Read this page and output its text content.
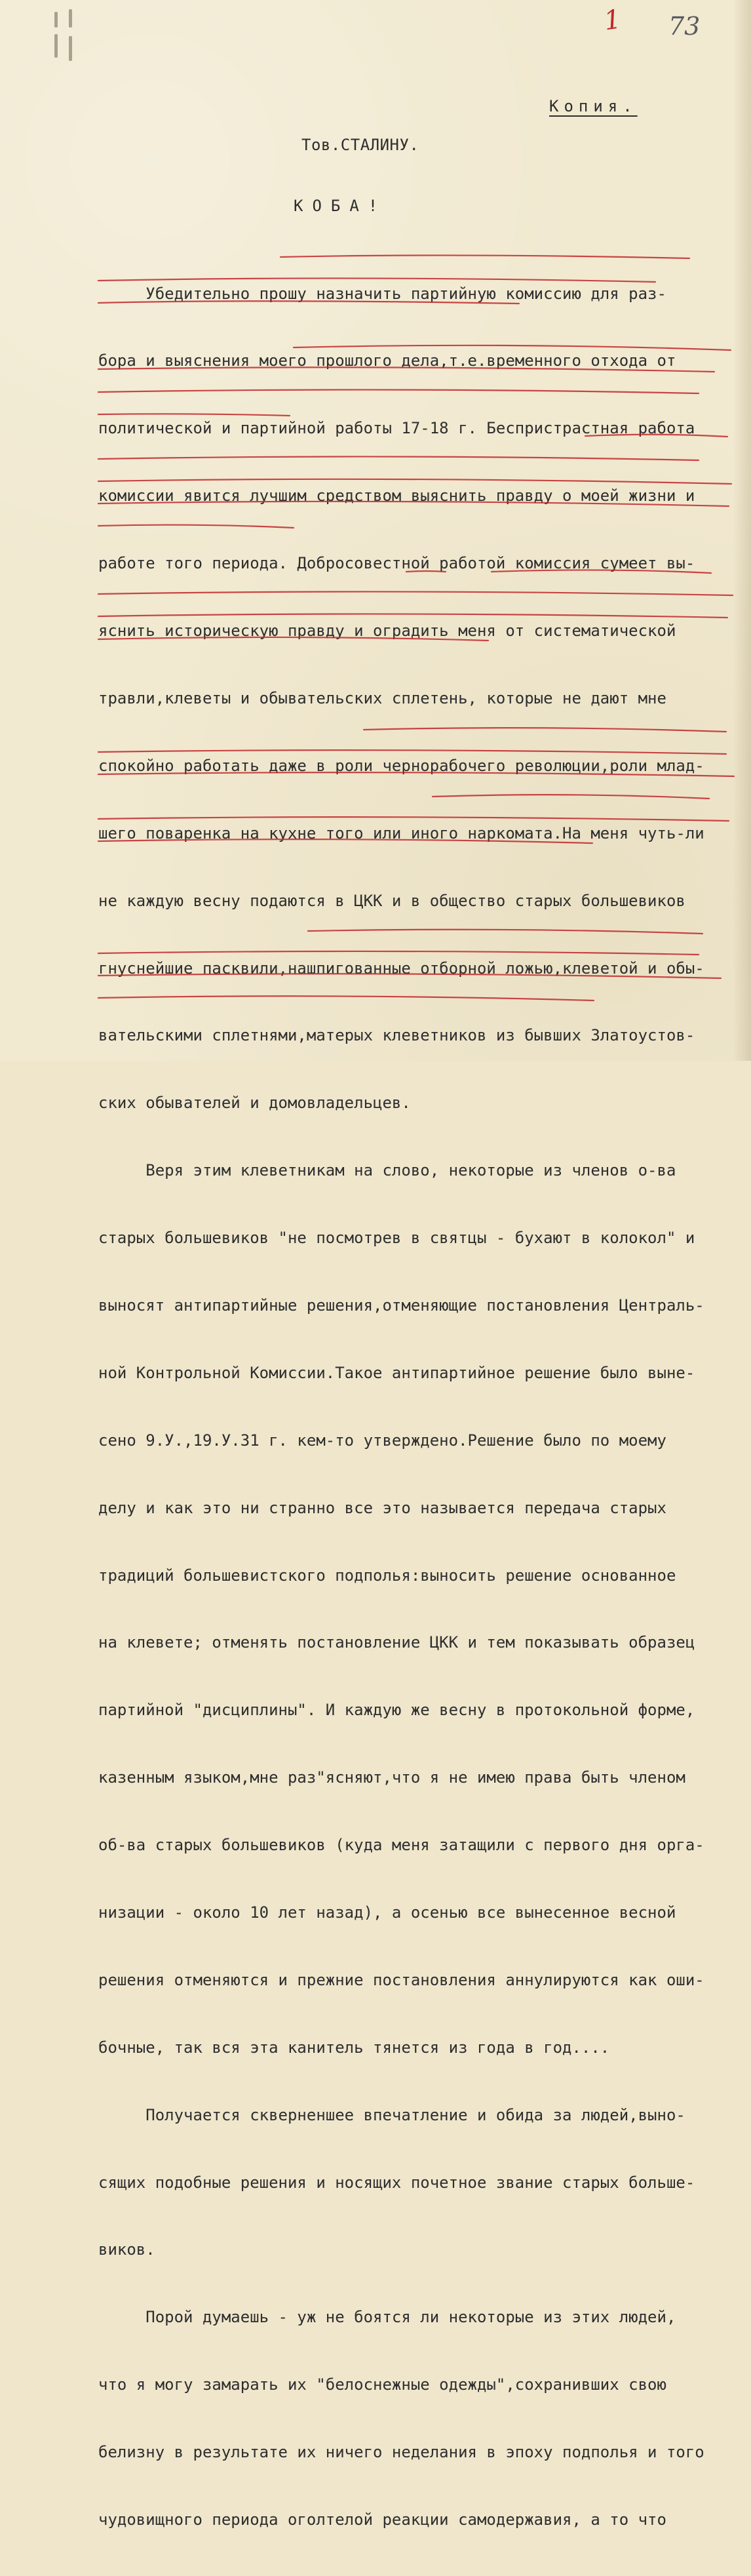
1 73
Копия.
Тов.СТАЛИНУ.
КОБА!

Убедительно прошу назначить партийную комиссию для раз-

бора и выяснения моего прошлого дела,т.е.временного отхода от

политической и партийной работы 17-18 г. Беспристрастная работа

комиссии явится лучшим средством выяснить правду о моей жизни и

работе того периода. Добросовестной работой комиссия сумеет вы-

яснить историческую правду и оградить меня от систематической

травли,клеветы и обывательских сплетень, которые не дают мне

спокойно работать даже в роли чернорабочего революции,роли млад-

шего поваренка на кухне того или иного наркомата.На меня чуть-ли

не каждую весну подаются в ЦКК и в общество старых большевиков

гнуснейшие пасквили,нашпигованные отборной ложью,клеветой и обы-

вательскими сплетнями,матерых клеветников из бывших Златоустов-

ских обывателей и домовладельцев.

Веря этим клеветникам на слово, некоторые из членов о-ва

старых большевиков "не посмотрев в святцы - бухают в колокол" и

выносят антипартийные решения,отменяющие постановления Централь-

ной Контрольной Комиссии.Такое антипартийное решение было выне-

сено 9.У.,19.У.31 г. кем-то утверждено.Решение было по моему

делу и как это ни странно все это называется передача старых

традиций большевистского подполья:выносить решение основанное

на клевете; отменять постановление ЦКК и тем показывать образец

партийной "дисциплины". И каждую же весну в протокольной форме,

казенным языком,мне раз"ясняют,что я не имею права быть членом

об-ва старых большевиков (куда меня затащили с первого дня орга-

низации - около 10 лет назад), а осенью все вынесенное весной

решения отменяются и прежние постановления аннулируются как оши-

бочные, так вся эта канитель тянется из года в год....

Получается скверненшее впечатление и обида за людей,выно-

сящих подобные решения и носящих почетное звание старых больше-

виков.

Порой думаешь - уж не боятся ли некоторые из этих людей,

что я могу замарать их "белоснежные одежды",сохранивших свою

белизну в результате их ничего неделания в эпоху подполья и того

чудовищного периода оголтелой реакции самодержавия, а то что
